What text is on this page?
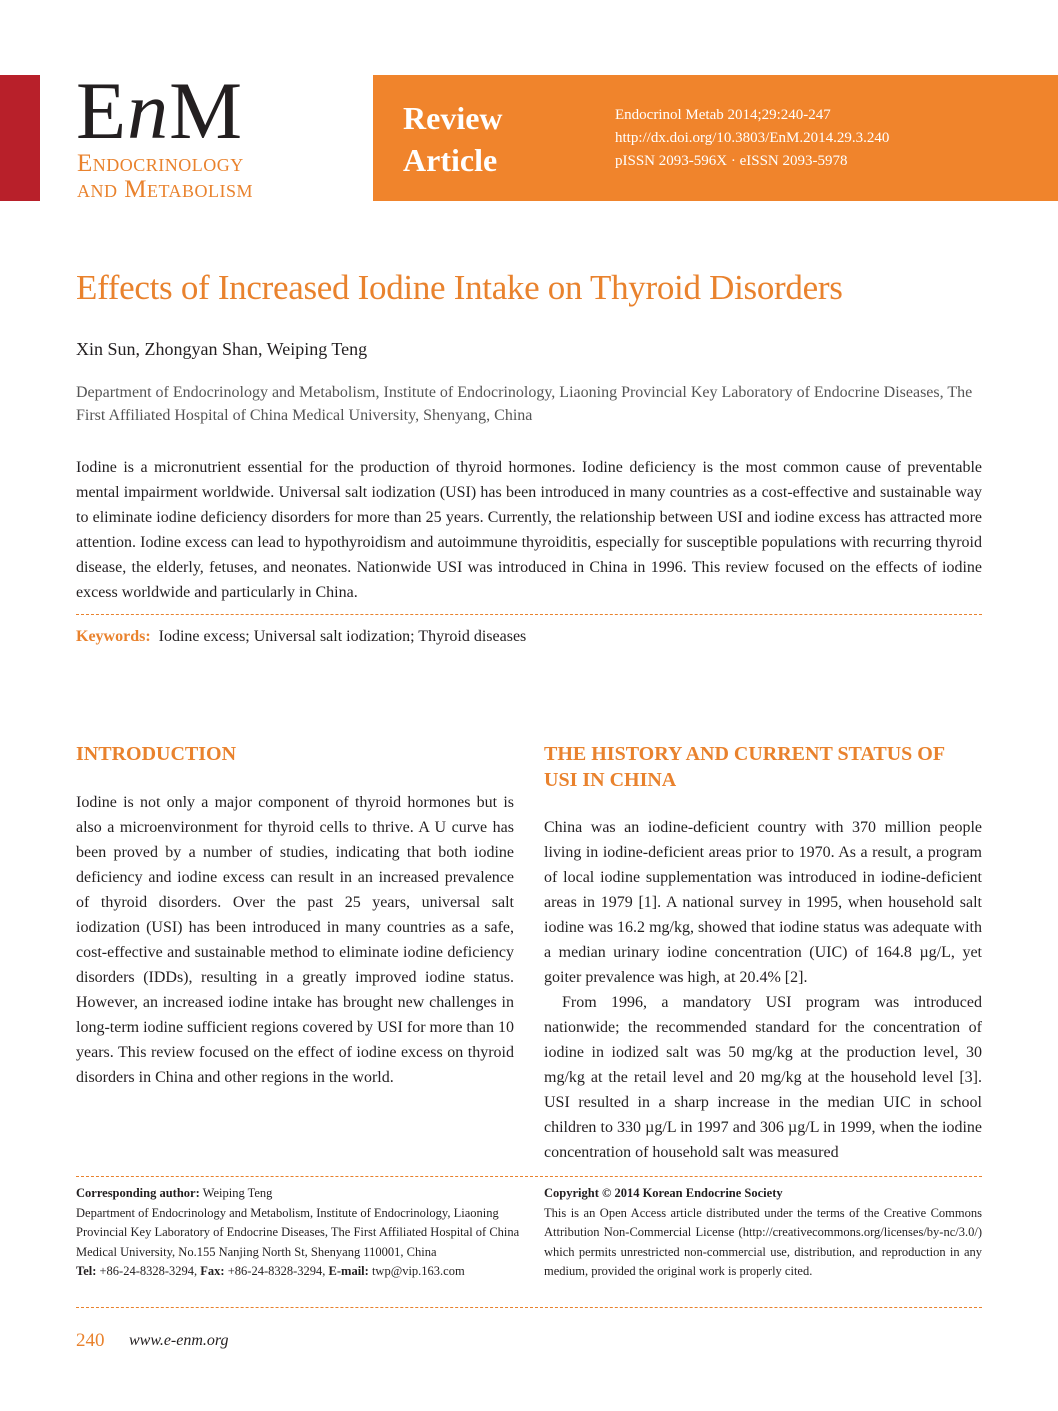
EnM
Endocrinology
and Metabolism
Review
Article
Endocrinol Metab 2014;29:240-247
http://dx.doi.org/10.3803/EnM.2014.29.3.240
pISSN 2093-596X · eISSN 2093-5978
Effects of Increased Iodine Intake on Thyroid Disorders
Xin Sun, Zhongyan Shan, Weiping Teng
Department of Endocrinology and Metabolism, Institute of Endocrinology, Liaoning Provincial Key Laboratory of Endocrine Diseases, The First Affiliated Hospital of China Medical University, Shenyang, China
Iodine is a micronutrient essential for the production of thyroid hormones. Iodine deficiency is the most common cause of preventable mental impairment worldwide. Universal salt iodization (USI) has been introduced in many countries as a cost-effective and sustainable way to eliminate iodine deficiency disorders for more than 25 years. Currently, the relationship between USI and iodine excess has attracted more attention. Iodine excess can lead to hypothyroidism and autoimmune thyroiditis, especially for susceptible populations with recurring thyroid disease, the elderly, fetuses, and neonates. Nationwide USI was introduced in China in 1996. This review focused on the effects of iodine excess worldwide and particularly in China.
Keywords: Iodine excess; Universal salt iodization; Thyroid diseases
INTRODUCTION

Iodine is not only a major component of thyroid hormones but is also a microenvironment for thyroid cells to thrive. A U curve has been proved by a number of studies, indicating that both iodine deficiency and iodine excess can result in an increased prevalence of thyroid disorders. Over the past 25 years, universal salt iodization (USI) has been introduced in many countries as a safe, cost-effective and sustainable method to eliminate iodine deficiency disorders (IDDs), resulting in a greatly improved iodine status. However, an increased iodine intake has brought new challenges in long-term iodine sufficient regions covered by USI for more than 10 years. This review focused on the effect of iodine excess on thyroid disorders in China and other regions in the world.

THE HISTORY AND CURRENT STATUS OF
USI IN CHINA

China was an iodine-deficient country with 370 million people living in iodine-deficient areas prior to 1970. As a result, a program of local iodine supplementation was introduced in iodine-deficient areas in 1979 [1]. A national survey in 1995, when household salt iodine was 16.2 mg/kg, showed that iodine status was adequate with a median urinary iodine concentration (UIC) of 164.8 µg/L, yet goiter prevalence was high, at 20.4% [2].

From 1996, a mandatory USI program was introduced nationwide; the recommended standard for the concentration of iodine in iodized salt was 50 mg/kg at the production level, 30 mg/kg at the retail level and 20 mg/kg at the household level [3]. USI resulted in a sharp increase in the median UIC in school children to 330 µg/L in 1997 and 306 µg/L in 1999, when the iodine concentration of household salt was measured

Corresponding author: Weiping Teng
Department of Endocrinology and Metabolism, Institute of Endocrinology, Liaoning Provincial Key Laboratory of Endocrine Diseases, The First Affiliated Hospital of China Medical University, No.155 Nanjing North St, Shenyang 110001, China
Tel: +86-24-8328-3294, Fax: +86-24-8328-3294, E-mail: twp@vip.163.com
Copyright © 2014 Korean Endocrine Society
This is an Open Access article distributed under the terms of the Creative Commons Attribution Non-Commercial License (http://creativecommons.org/licenses/by-nc/3.0/) which permits unrestricted non-commercial use, distribution, and reproduction in any medium, provided the original work is properly cited.
240 www.e-enm.org
